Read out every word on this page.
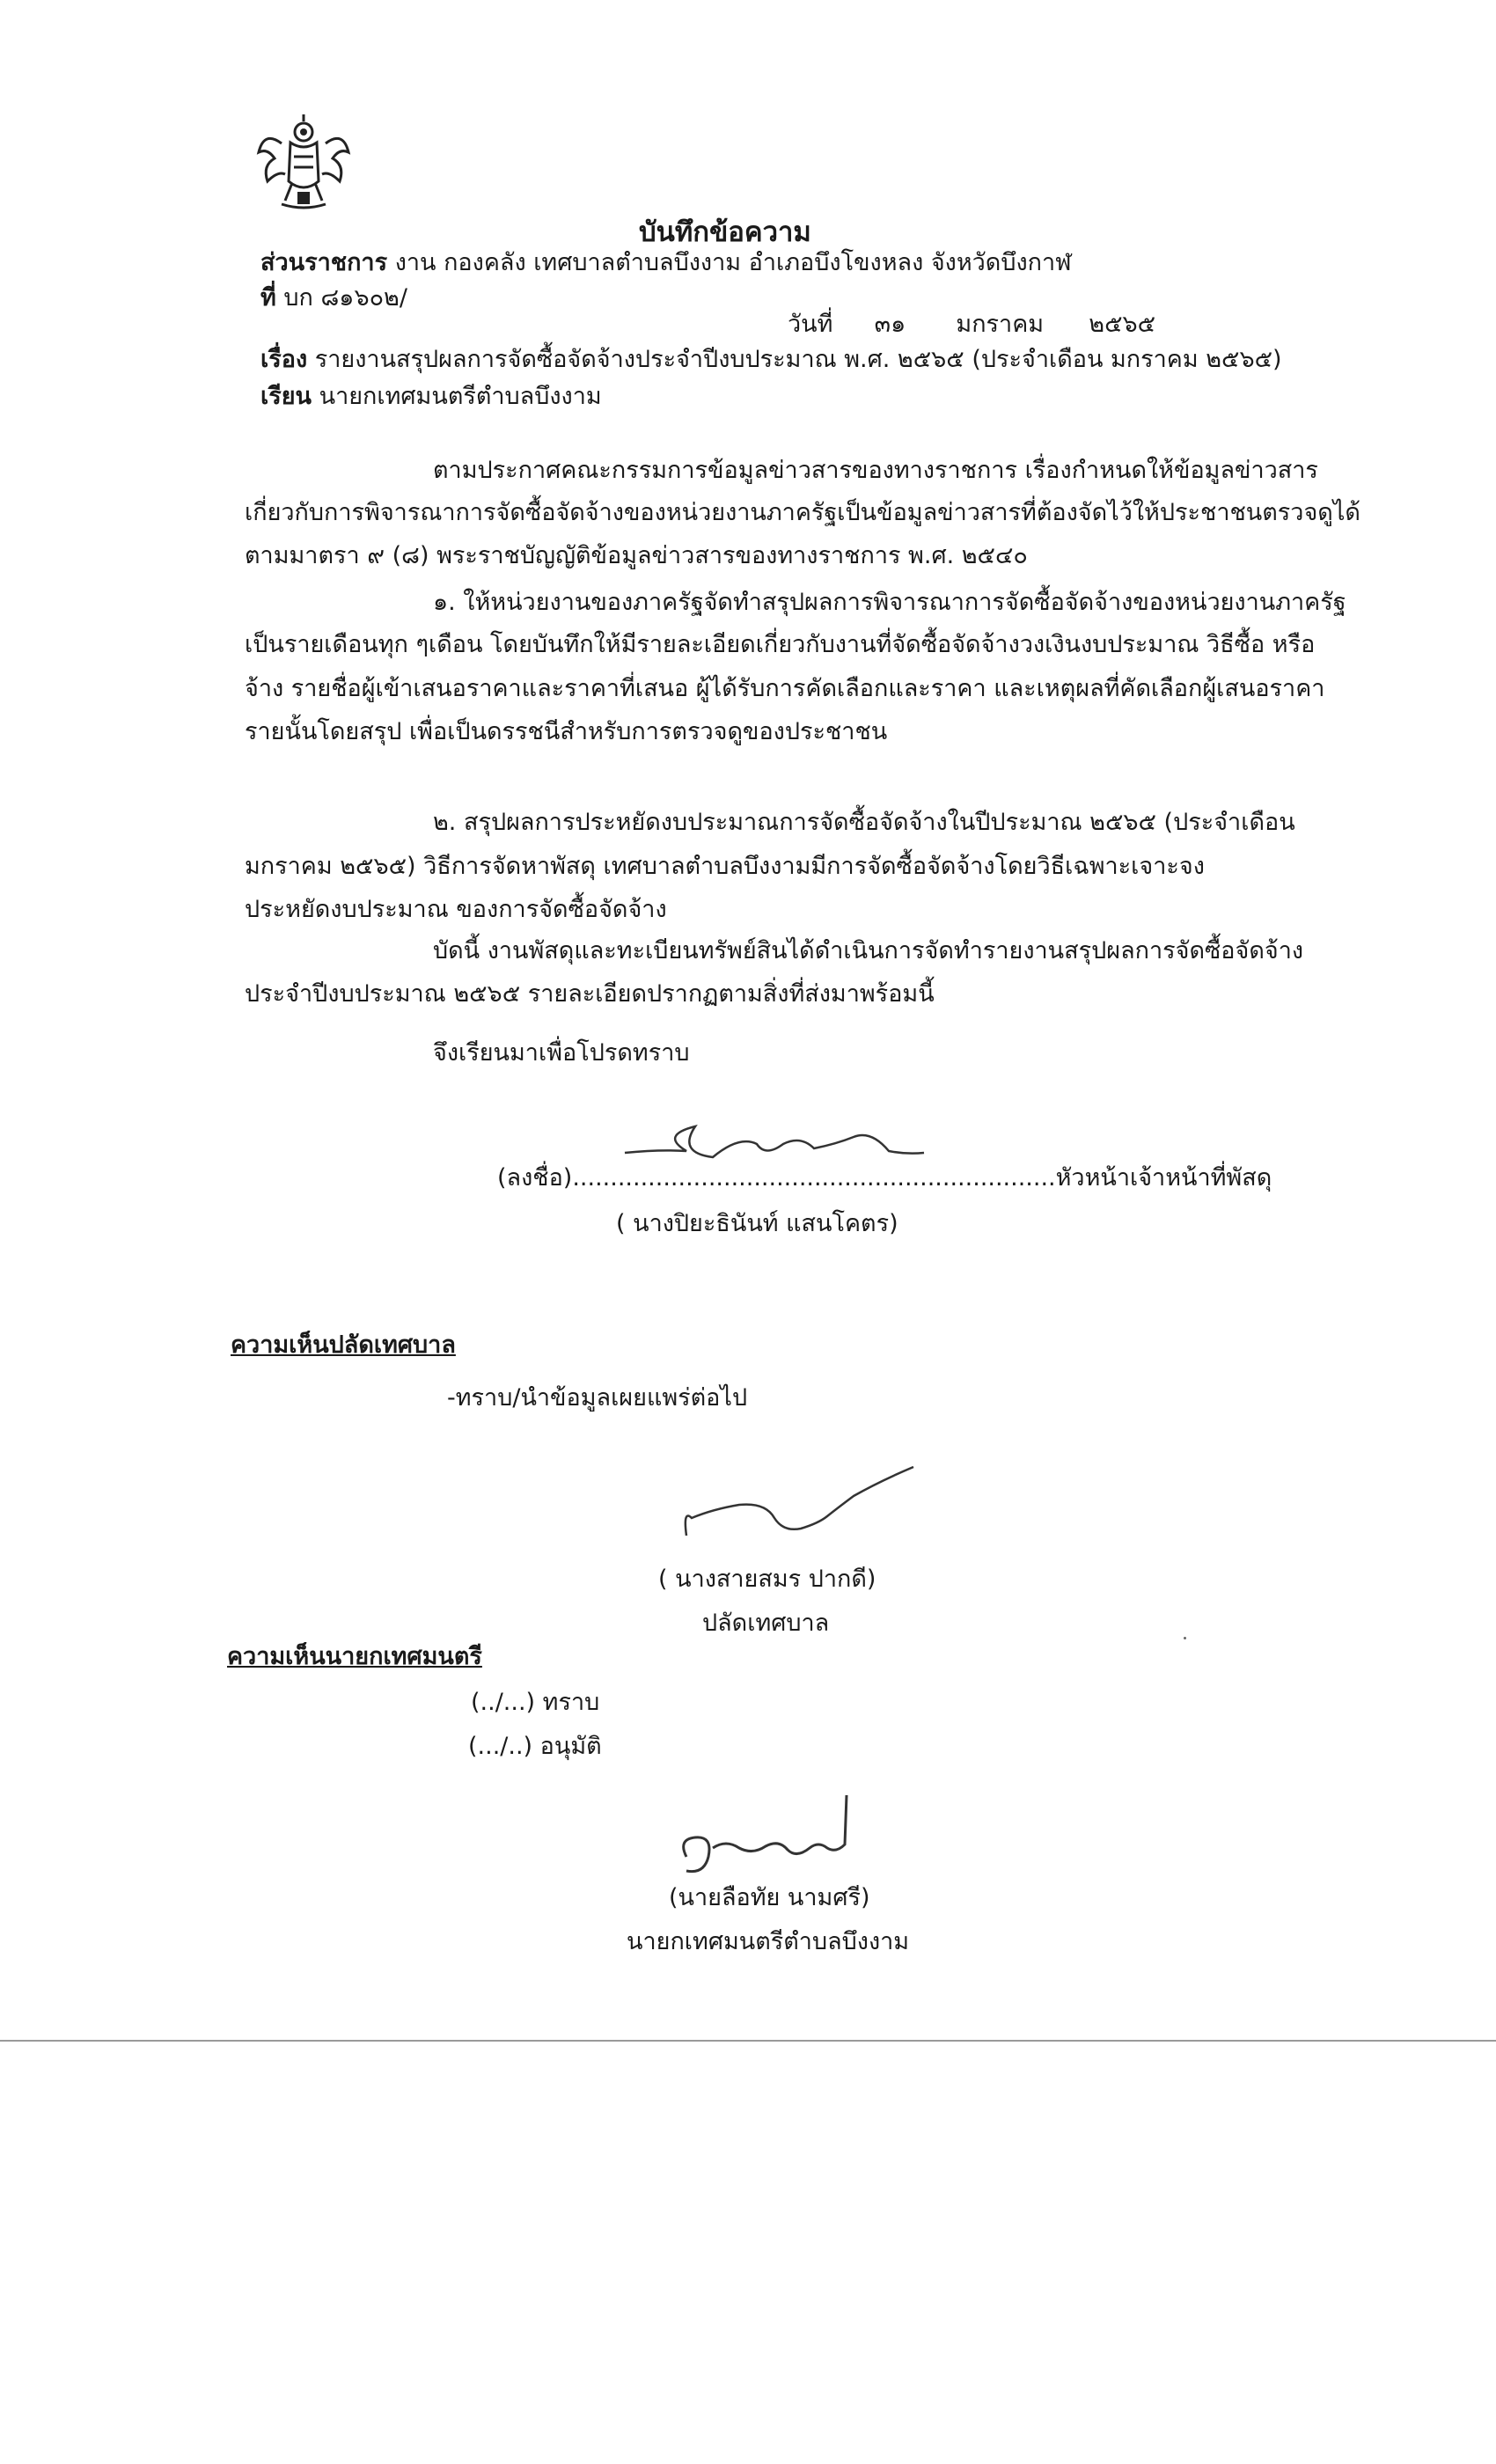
บันทึกข้อความ
ส่วนราชการ งาน กองคลัง เทศบาลตำบลบึงงาม อำเภอบึงโขงหลง จังหวัดบึงกาฬ
ที่ บก ๘๑๖๐๒/
วันที่ ๓๑ มกราคม ๒๕๖๕
เรื่อง รายงานสรุปผลการจัดซื้อจัดจ้างประจำปีงบประมาณ พ.ศ. ๒๕๖๕ (ประจำเดือน มกราคม ๒๕๖๕)
เรียน นายกเทศมนตรีตำบลบึงงาม
ตามประกาศคณะกรรมการข้อมูลข่าวสารของทางราชการ เรื่องกำหนดให้ข้อมูลข่าวสาร
เกี่ยวกับการพิจารณาการจัดซื้อจัดจ้างของหน่วยงานภาครัฐเป็นข้อมูลข่าวสารที่ต้องจัดไว้ให้ประชาชนตรวจดูได้
ตามมาตรา ๙ (๘) พระราชบัญญัติข้อมูลข่าวสารของทางราชการ พ.ศ. ๒๕๔๐
๑. ให้หน่วยงานของภาครัฐจัดทำสรุปผลการพิจารณาการจัดซื้อจัดจ้างของหน่วยงานภาครัฐ
เป็นรายเดือนทุก ๆเดือน โดยบันทึกให้มีรายละเอียดเกี่ยวกับงานที่จัดซื้อจัดจ้างวงเงินงบประมาณ วิธีซื้อ หรือ
จ้าง รายชื่อผู้เข้าเสนอราคาและราคาที่เสนอ ผู้ได้รับการคัดเลือกและราคา และเหตุผลที่คัดเลือกผู้เสนอราคา
รายนั้นโดยสรุป เพื่อเป็นดรรชนีสำหรับการตรวจดูของประชาชน
๒. สรุปผลการประหยัดงบประมาณการจัดซื้อจัดจ้างในปีประมาณ ๒๕๖๕ (ประจำเดือน
มกราคม ๒๕๖๕) วิธีการจัดหาพัสดุ เทศบาลตำบลบึงงามมีการจัดซื้อจัดจ้างโดยวิธีเฉพาะเจาะจง
ประหยัดงบประมาณ ของการจัดซื้อจัดจ้าง
บัดนี้ งานพัสดุและทะเบียนทรัพย์สินได้ดำเนินการจัดทำรายงานสรุปผลการจัดซื้อจัดจ้าง
ประจำปีงบประมาณ ๒๕๖๕ รายละเอียดปรากฏตามสิ่งที่ส่งมาพร้อมนี้
จึงเรียนมาเพื่อโปรดทราบ
(ลงชื่อ)................................................................หัวหน้าเจ้าหน้าที่พัสดุ
( นางปิยะธินันท์ แสนโคตร)
ความเห็นปลัดเทศบาล
-ทราบ/นำข้อมูลเผยแพร่ต่อไป
( นางสายสมร ปากดี)
ปลัดเทศบาล
ความเห็นนายกเทศมนตรี
(../...) ทราบ
(.../..) อนุมัติ
(นายลือทัย นามศรี)
นายกเทศมนตรีตำบลบึงงาม
